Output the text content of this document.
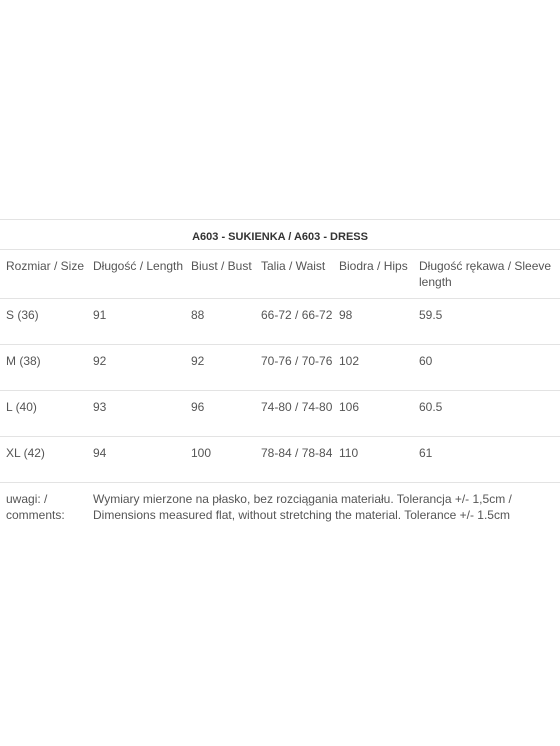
A603 - SUKIENKA / A603 - DRESS					
Rozmiar / Size	Długość / Length	Biust / Bust	Talia / Waist	Biodra / Hips	Długość rękawa / Sleeve length
S (36)	91	88	66-72 / 66-72	98	59.5
M (38)	92	92	70-76 / 70-76	102	60
L (40)	93	96	74-80 / 74-80	106	60.5
XL (42)	94	100	78-84 / 78-84	110	61
uwagi: / comments:	Wymiary mierzone na płasko, bez rozciągania materiału. Tolerancja +/- 1,5cm / Dimensions measured flat, without stretching the material. Tolerance +/- 1.5cm				
